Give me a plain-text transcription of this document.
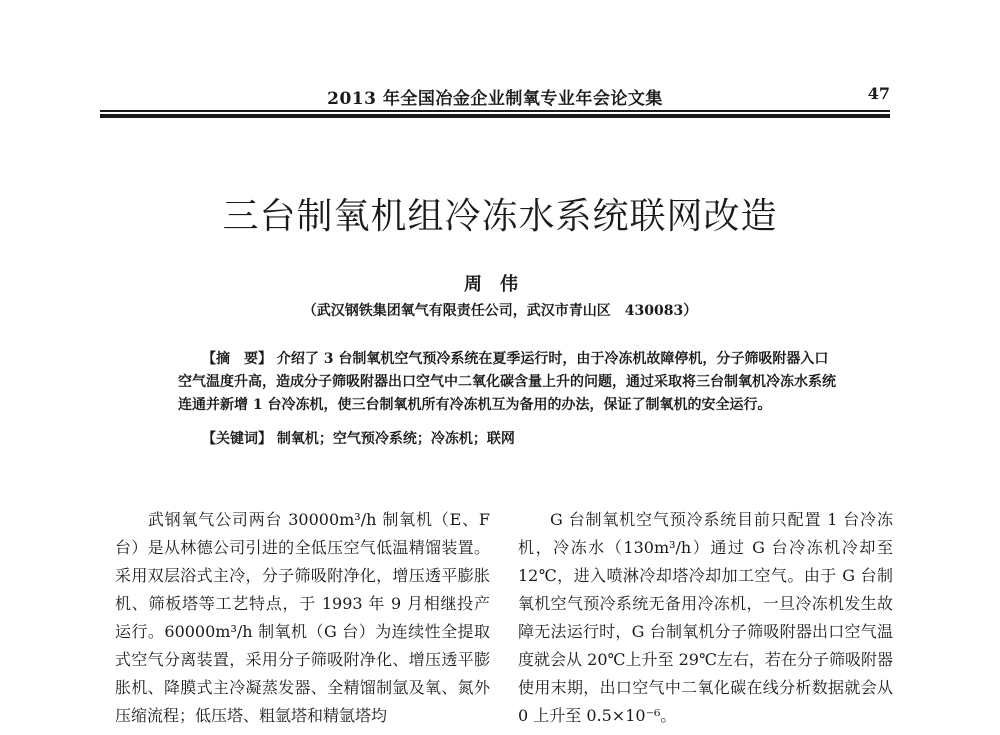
2013 年全国冶金企业制氧专业年会论文集	47
三台制氧机组冷冻水系统联网改造
周伟
（武汉钢铁集团氧气有限责任公司，武汉市青山区　430083）
【摘　要】 介绍了 3 台制氧机空气预冷系统在夏季运行时，由于冷冻机故障停机，分子筛吸附器入口空气温度升高，造成分子筛吸附器出口空气中二氧化碳含量上升的问题，通过采取将三台制氧机冷冻水系统连通并新增 1 台冷冻机，使三台制氧机所有冷冻机互为备用的办法，保证了制氧机的安全运行。
【关键词】 制氧机；空气预冷系统；冷冻机；联网
武钢氧气公司两台 30000m³/h 制氧机（E、F 台）是从林德公司引进的全低压空气低温精馏装置。采用双层浴式主冷，分子筛吸附净化，增压透平膨胀机、筛板塔等工艺特点，于 1993 年 9 月相继投产运行。60000m³/h 制氧机（G 台）为连续性全提取式空气分离装置，采用分子筛吸附净化、增压透平膨胀机、降膜式主冷凝蒸发器、全精馏制氩及氧、氮外压缩流程；低压塔、粗氩塔和精氩塔均
G 台制氧机空气预冷系统目前只配置 1 台冷冻机，冷冻水（130m³/h）通过 G 台冷冻机冷却至 12℃，进入喷淋冷却塔冷却加工空气。由于 G 台制氧机空气预冷系统无备用冷冻机，一旦冷冻机发生故障无法运行时，G 台制氧机分子筛吸附器出口空气温度就会从 20℃上升至 29℃左右，若在分子筛吸附器使用末期，出口空气中二氧化碳在线分析数据就会从 0 上升至 0.5×10⁻⁶。
